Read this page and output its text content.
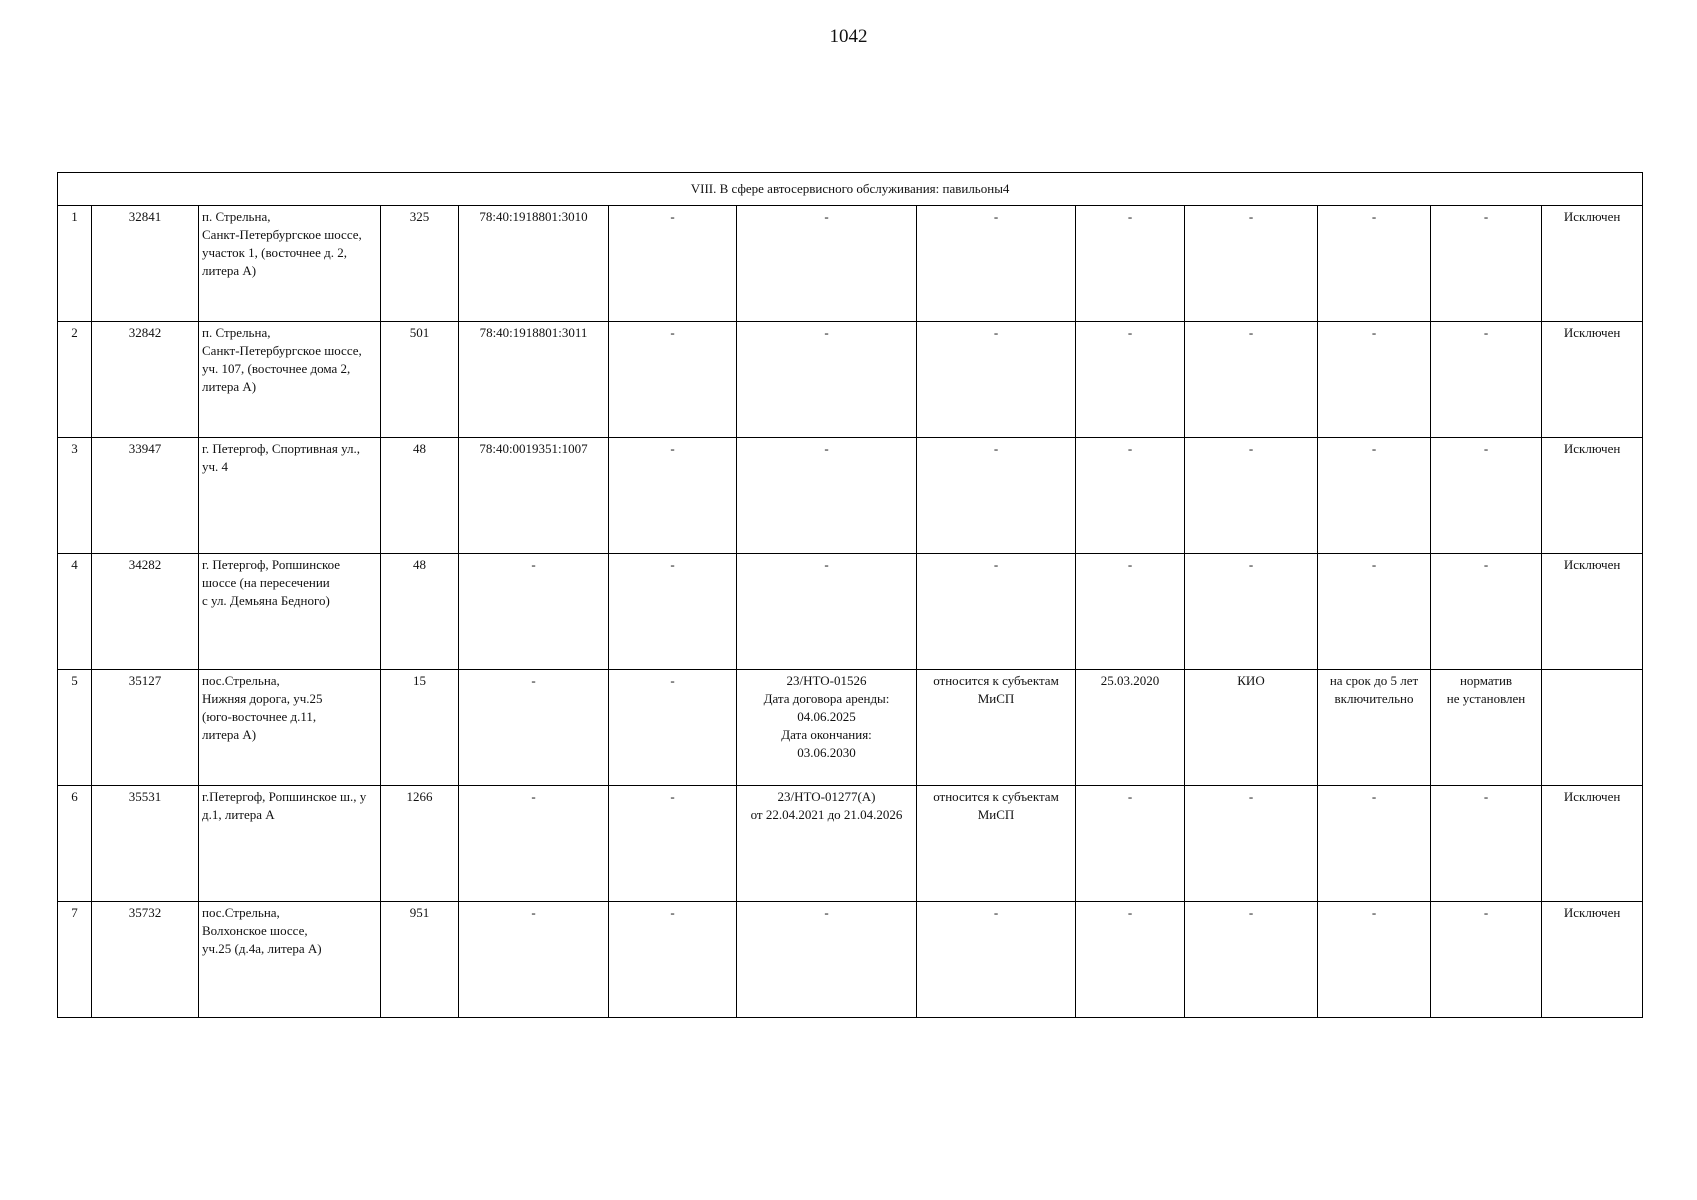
1042
VIII. В сфере автосервисного обслуживания: павильоны4												
1	32841	п. Стрельна,
Санкт-Петербургское шоссе,
участок 1, (восточнее д. 2,
литера А)	325	78:40:1918801:3010	-	-	-	-	-	-	-	Исключен
2	32842	п. Стрельна,
Санкт-Петербургское шоссе,
уч. 107, (восточнее дома 2,
литера А)	501	78:40:1918801:3011	-	-	-	-	-	-	-	Исключен
3	33947	г. Петергоф, Спортивная ул.,
уч. 4	48	78:40:0019351:1007	-	-	-	-	-	-	-	Исключен
4	34282	г. Петергоф, Ропшинское
шоссе (на пересечении
с ул. Демьяна Бедного)	48	-	-	-	-	-	-	-	-	Исключен
5	35127	пос.Стрельна,
Нижняя дорога, уч.25
(юго-восточнее д.11,
литера А)	15	-	-	23/НТО-01526
Дата договора аренды:
04.06.2025
Дата окончания:
03.06.2030	относится к субъектам
МиСП	25.03.2020	КИО	на срок до 5 лет
включительно	норматив
не установлен	
6	35531	г.Петергоф, Ропшинское ш., у
д.1, литера А	1266	-	-	23/НТО-01277(А)
от 22.04.2021 до 21.04.2026	относится к субъектам
МиСП	-	-	-	-	Исключен
7	35732	пос.Стрельна,
Волхонское шоссе,
уч.25 (д.4а, литера А)	951	-	-	-	-	-	-	-	-	Исключен
